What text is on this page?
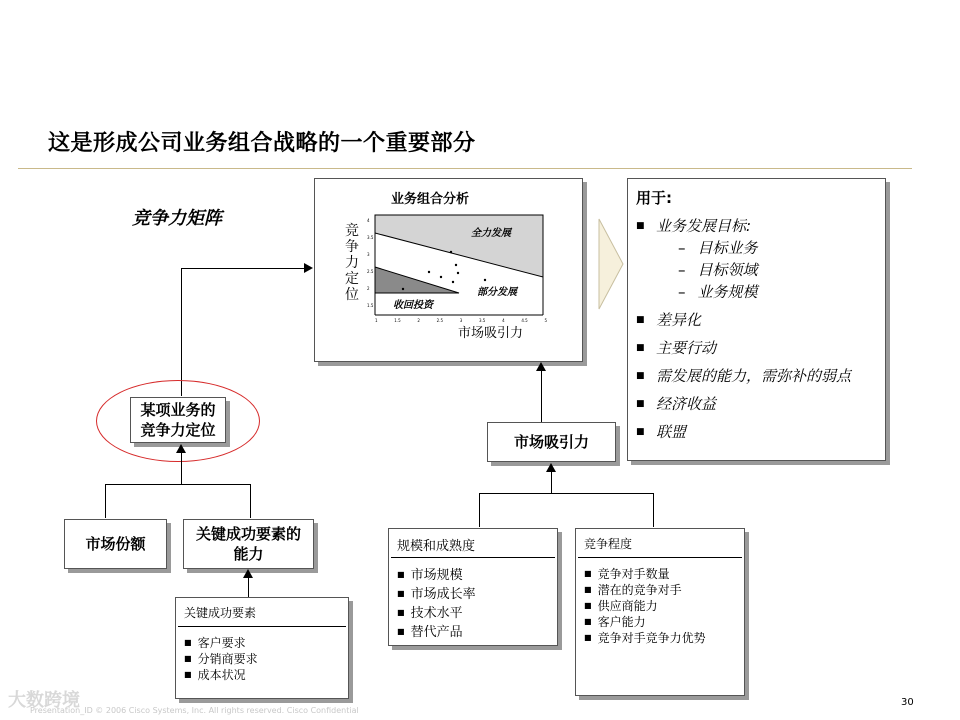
这是形成公司业务组合战略的一个重要部分
竞争力矩阵
业务组合分析
竞争力定位
4
3.5
3
2.5
2
1.5
1	1.5	2	2.5	3	3.5	4	4.5	5
全力发展
部分发展
收回投资
市场吸引力
用于:
■ 业务发展目标:
– 目标业务
– 目标领域
– 业务规模
■ 差异化
■ 主要行动
■ 需发展的能力，需弥补的弱点
■ 经济收益
■ 联盟
某项业务的
竞争力定位
市场份额
关键成功要素的
能力
关键成功要素
■ 客户要求
■ 分销商要求
■ 成本状况
市场吸引力
规模和成熟度
■ 市场规模
■ 市场成长率
■ 技术水平
■ 替代产品
竞争程度
■ 竞争对手数量
■ 潜在的竞争对手
■ 供应商能力
■ 客户能力
■ 竞争对手竞争力优势
Presentation_ID © 2006 Cisco Systems, Inc. All rights reserved. Cisco Confidential
大数跨境	30
